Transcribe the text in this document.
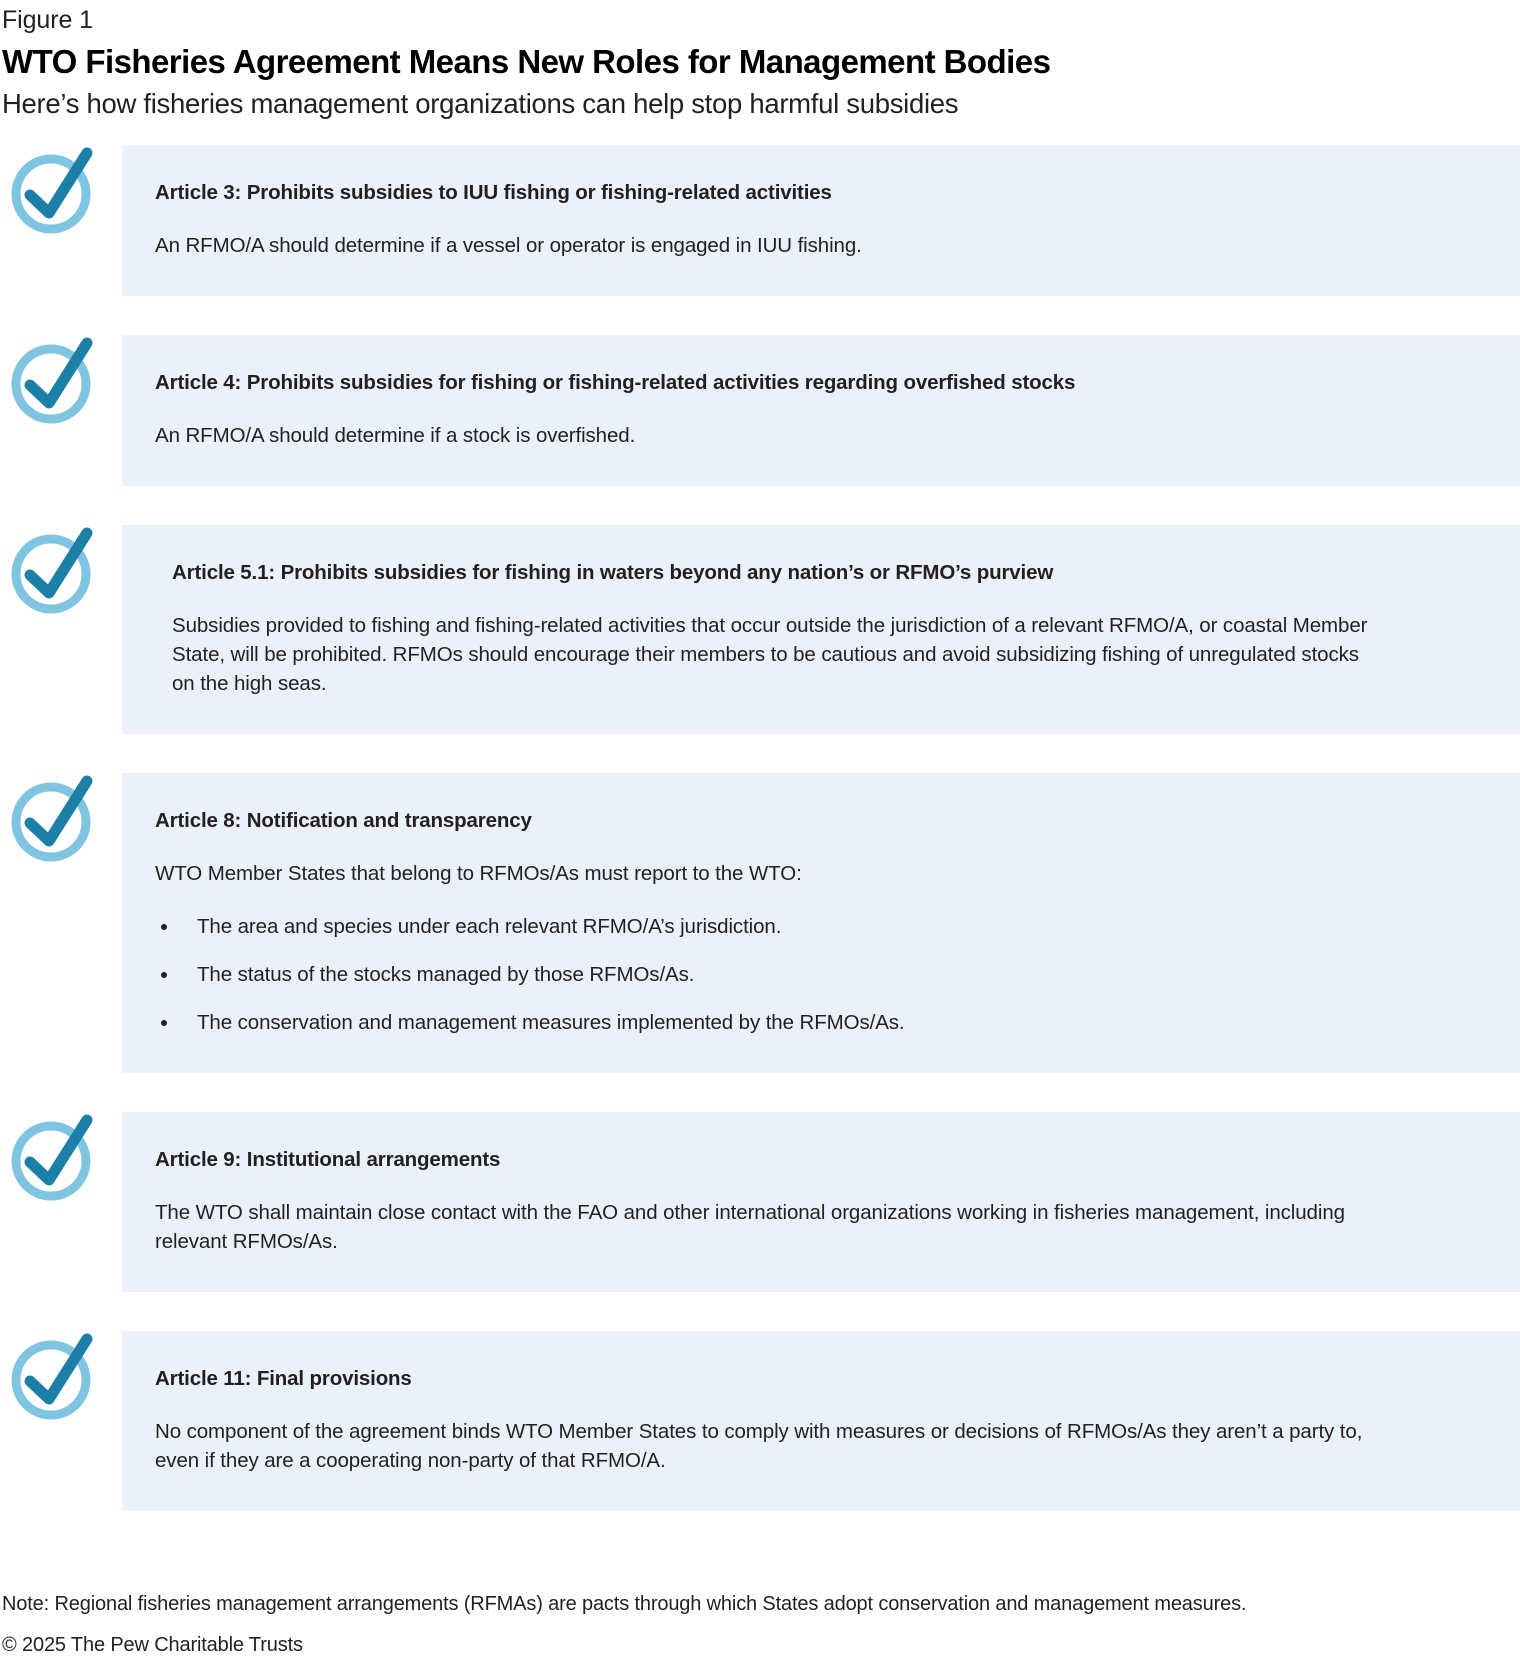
Figure 1
WTO Fisheries Agreement Means New Roles for Management Bodies
Here’s how fisheries management organizations can help stop harmful subsidies
Article 3: Prohibits subsidies to IUU fishing or fishing-related activities

An RFMO/A should determine if a vessel or operator is engaged in IUU fishing.

Article 4: Prohibits subsidies for fishing or fishing-related activities regarding overfished stocks

An RFMO/A should determine if a stock is overfished.

Article 5.1: Prohibits subsidies for fishing in waters beyond any nation’s or RFMO’s purview

Subsidies provided to fishing and fishing-related activities that occur outside the jurisdiction of a relevant RFMO/A, or coastal Member State, will be prohibited. RFMOs should encourage their members to be cautious and avoid subsidizing fishing of unregulated stocks on the high seas.

Article 8: Notification and transparency

WTO Member States that belong to RFMOs/As must report to the WTO:

The area and species under each relevant RFMO/A’s jurisdiction.
The status of the stocks managed by those RFMOs/As.
The conservation and management measures implemented by the RFMOs/As.
Article 9: Institutional arrangements

The WTO shall maintain close contact with the FAO and other international organizations working in fisheries management, including relevant RFMOs/As.

Article 11: Final provisions

No component of the agreement binds WTO Member States to comply with measures or decisions of RFMOs/As they aren’t a party to, even if they are a cooperating non-party of that RFMO/A.

Note: Regional fisheries management arrangements (RFMAs) are pacts through which States adopt conservation and management measures.
© 2025 The Pew Charitable Trusts
